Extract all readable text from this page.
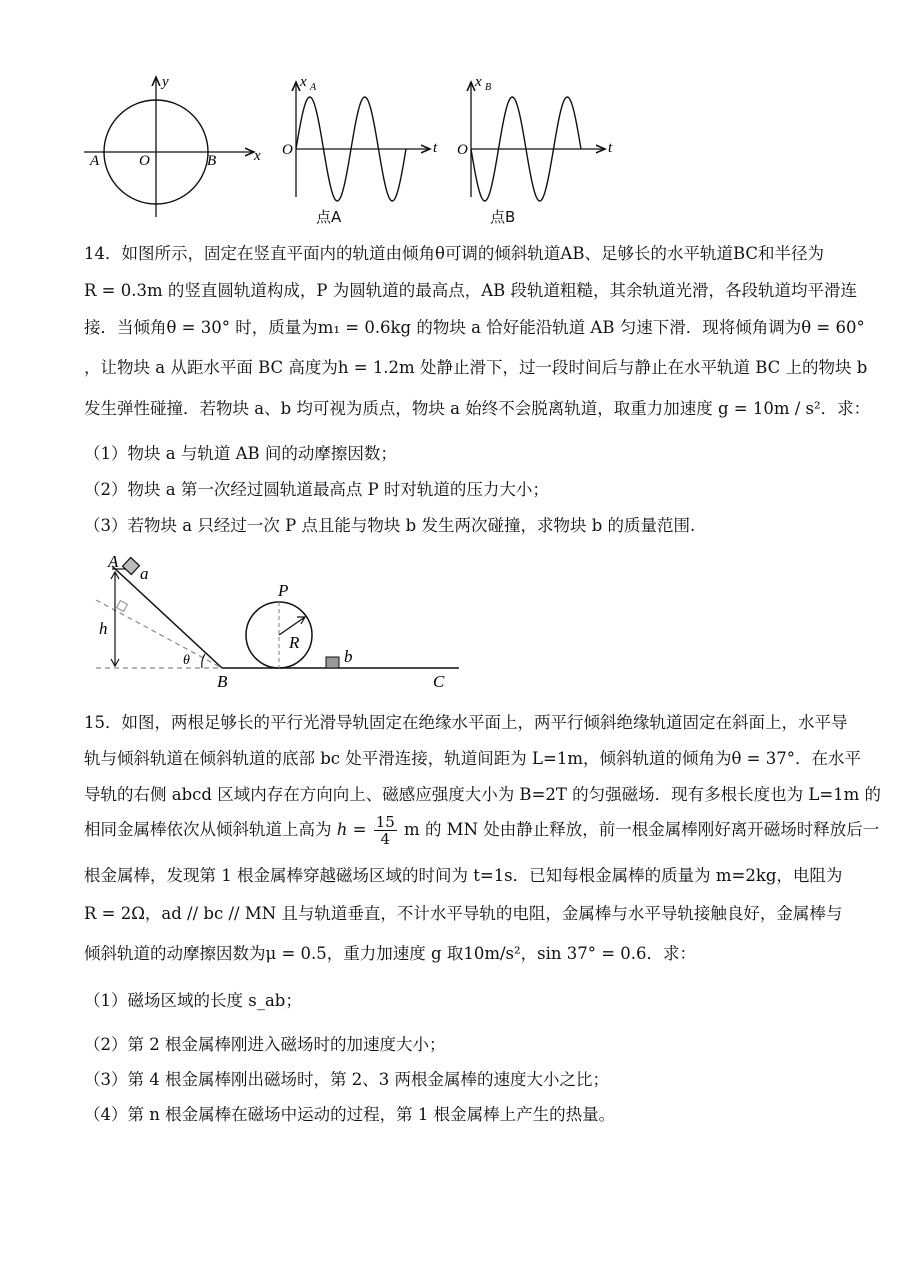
y
O
A	B	x
x A
O	t
点A
x B
O	t
点B
14．如图所示，固定在竖直平面内的轨道由倾角θ可调的倾斜轨道AB、足够长的水平轨道BC和半径为
R = 0.3m 的竖直圆轨道构成，P 为圆轨道的最高点，AB 段轨道粗糙，其余轨道光滑，各段轨道均平滑连
接．当倾角θ = 30° 时，质量为m₁ = 0.6kg 的物块 a 恰好能沿轨道 AB 匀速下滑．现将倾角调为θ = 60°
，让物块 a 从距水平面 BC 高度为h = 1.2m 处静止滑下，过一段时间后与静止在水平轨道 BC 上的物块 b
发生弹性碰撞．若物块 a、b 均可视为质点，物块 a 始终不会脱离轨道，取重力加速度 g = 10m / s²．求：
（1）物块 a 与轨道 AB 间的动摩擦因数；
（2）物块 a 第一次经过圆轨道最高点 P 时对轨道的压力大小；
（3）若物块 a 只经过一次 P 点且能与物块 b 发生两次碰撞，求物块 b 的质量范围.
A
a
P
R
h
θ	b
B	C
15．如图，两根足够长的平行光滑导轨固定在绝缘水平面上，两平行倾斜绝缘轨道固定在斜面上，水平导
轨与倾斜轨道在倾斜轨道的底部 bc 处平滑连接，轨道间距为 L=1m，倾斜轨道的倾角为θ = 37°．在水平
导轨的右侧 abcd 区域内存在方向向上、磁感应强度大小为 B=2T 的匀强磁场．现有多根长度也为 L=1m 的
相同金属棒依次从倾斜轨道上高为 $h = \frac{15}{4}$ m 的 MN 处由静止释放，前一根金属棒刚好离开磁场时释放后一
根金属棒，发现第 1 根金属棒穿越磁场区域的时间为 t=1s．已知每根金属棒的质量为 m=2kg，电阻为
R = 2Ω，ad // bc // MN 且与轨道垂直，不计水平导轨的电阻，金属棒与水平导轨接触良好，金属棒与
倾斜轨道的动摩擦因数为μ = 0.5，重力加速度 g 取10m/s²，sin 37° = 0.6．求：
（1）磁场区域的长度 s_ab；
（2）第 2 根金属棒刚进入磁场时的加速度大小；
（3）第 4 根金属棒刚出磁场时，第 2、3 两根金属棒的速度大小之比；
（4）第 n 根金属棒在磁场中运动的过程，第 1 根金属棒上产生的热量。
